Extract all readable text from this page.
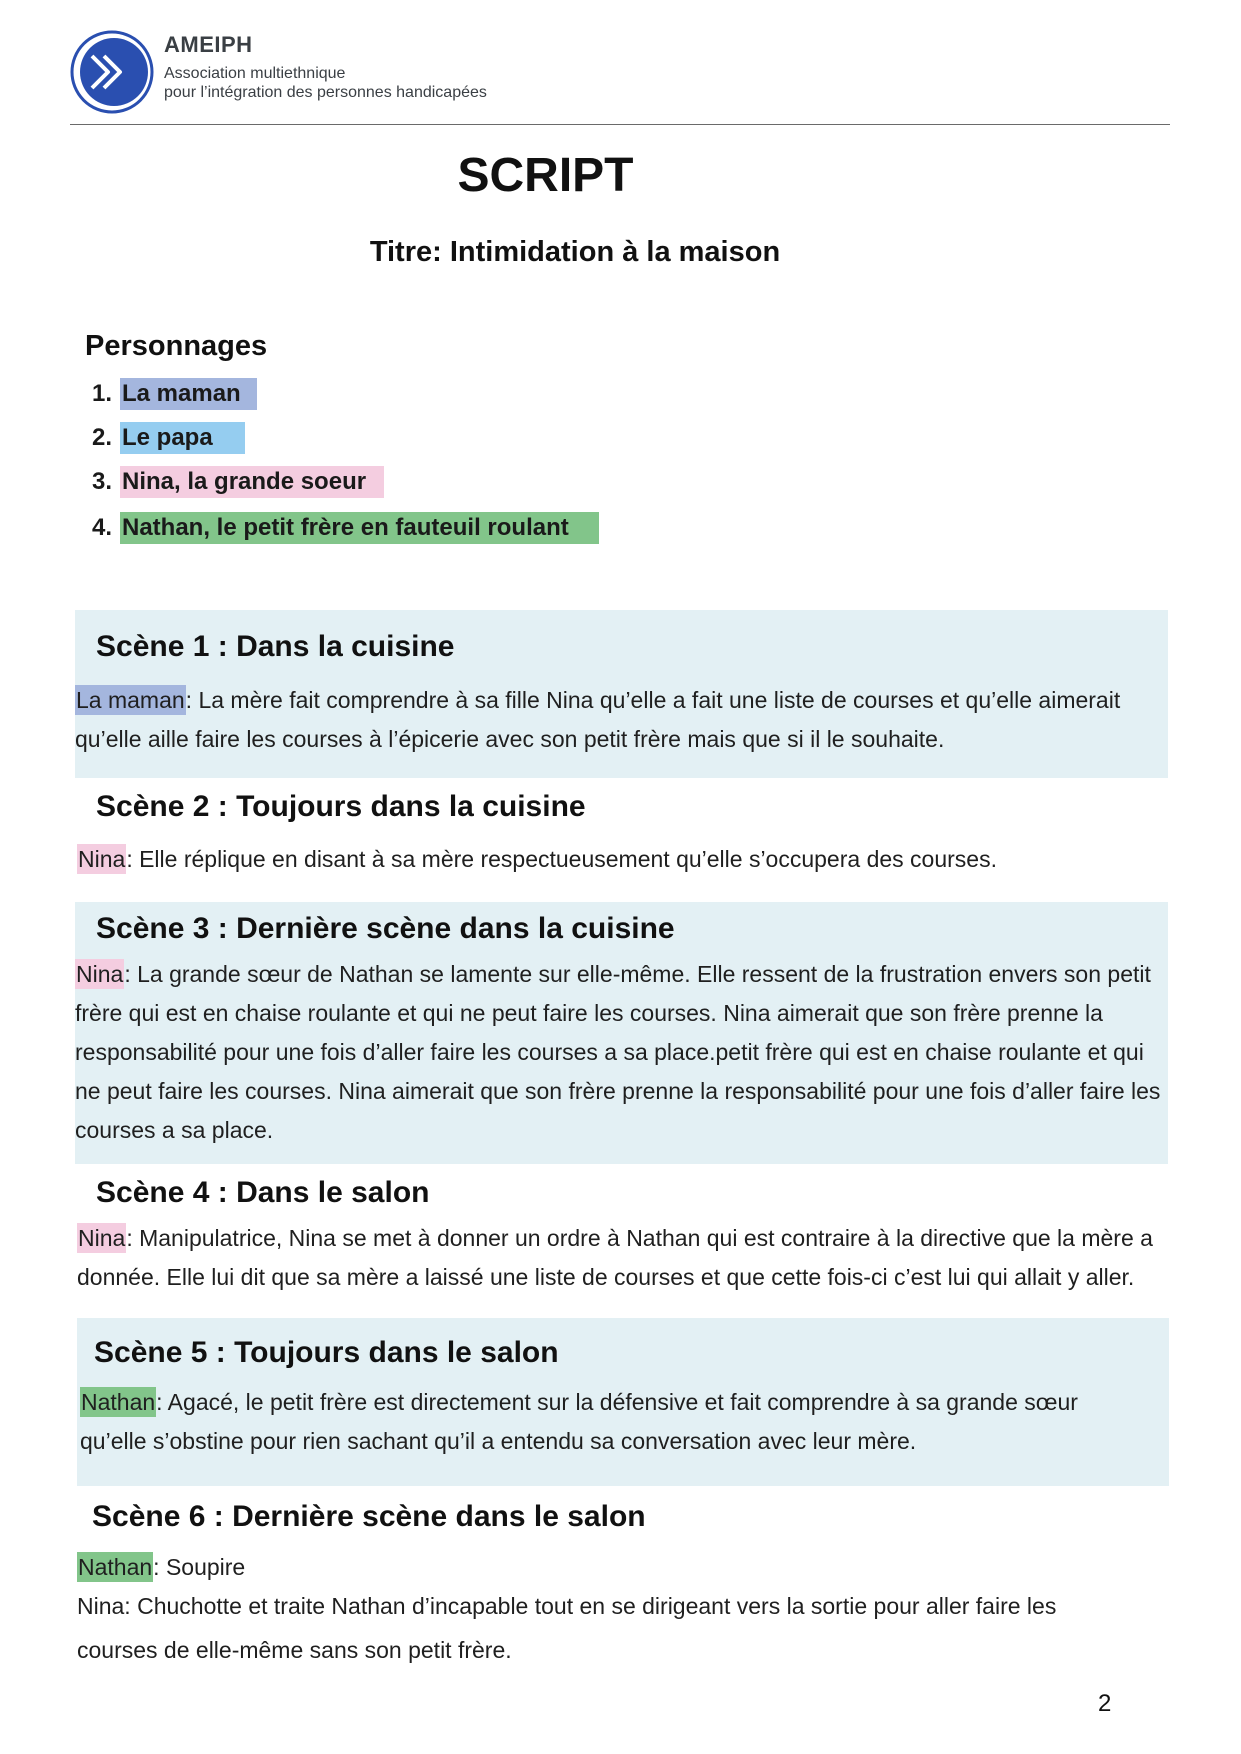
AMEIPH
Association multiethnique
pour l’intégration des personnes handicapées
SCRIPT
Titre: Intimidation à la maison
Personnages
1. La maman
2. Le papa
3. Nina, la grande soeur
4. Nathan, le petit frère en fauteuil roulant
Scène 1 : Dans la cuisine
La maman: La mère fait comprendre à sa fille Nina qu’elle a fait une liste de courses et qu’elle aimerait qu’elle aille faire les courses à l’épicerie avec son petit frère mais que si il le souhaite.
Scène 2 : Toujours dans la cuisine
Nina: Elle réplique en disant à sa mère respectueusement qu’elle s’occupera des courses.
Scène 3 : Dernière scène dans la cuisine
Nina: La grande sœur de Nathan se lamente sur elle-même. Elle ressent de la frustration envers son petit frère qui est en chaise roulante et qui ne peut faire les courses. Nina aimerait que son frère prenne la responsabilité pour une fois d’aller faire les courses a sa place.petit frère qui est en chaise roulante et qui ne peut faire les courses. Nina aimerait que son frère prenne la responsabilité pour une fois d’aller faire les courses a sa place.
Scène 4 : Dans le salon
Nina: Manipulatrice, Nina se met à donner un ordre à Nathan qui est contraire à la directive que la mère a donnée. Elle lui dit que sa mère a laissé une liste de courses et que cette fois-ci c’est lui qui allait y aller.
Scène 5 : Toujours dans le salon
Nathan: Agacé, le petit frère est directement sur la défensive et fait comprendre à sa grande sœur qu’elle s’obstine pour rien sachant qu’il a entendu sa conversation avec leur mère.
Scène 6 : Dernière scène dans le salon
Nathan: Soupire
Nina: Chuchotte et traite Nathan d’incapable tout en se dirigeant vers la sortie pour aller faire les courses de elle-même sans son petit frère.
2
